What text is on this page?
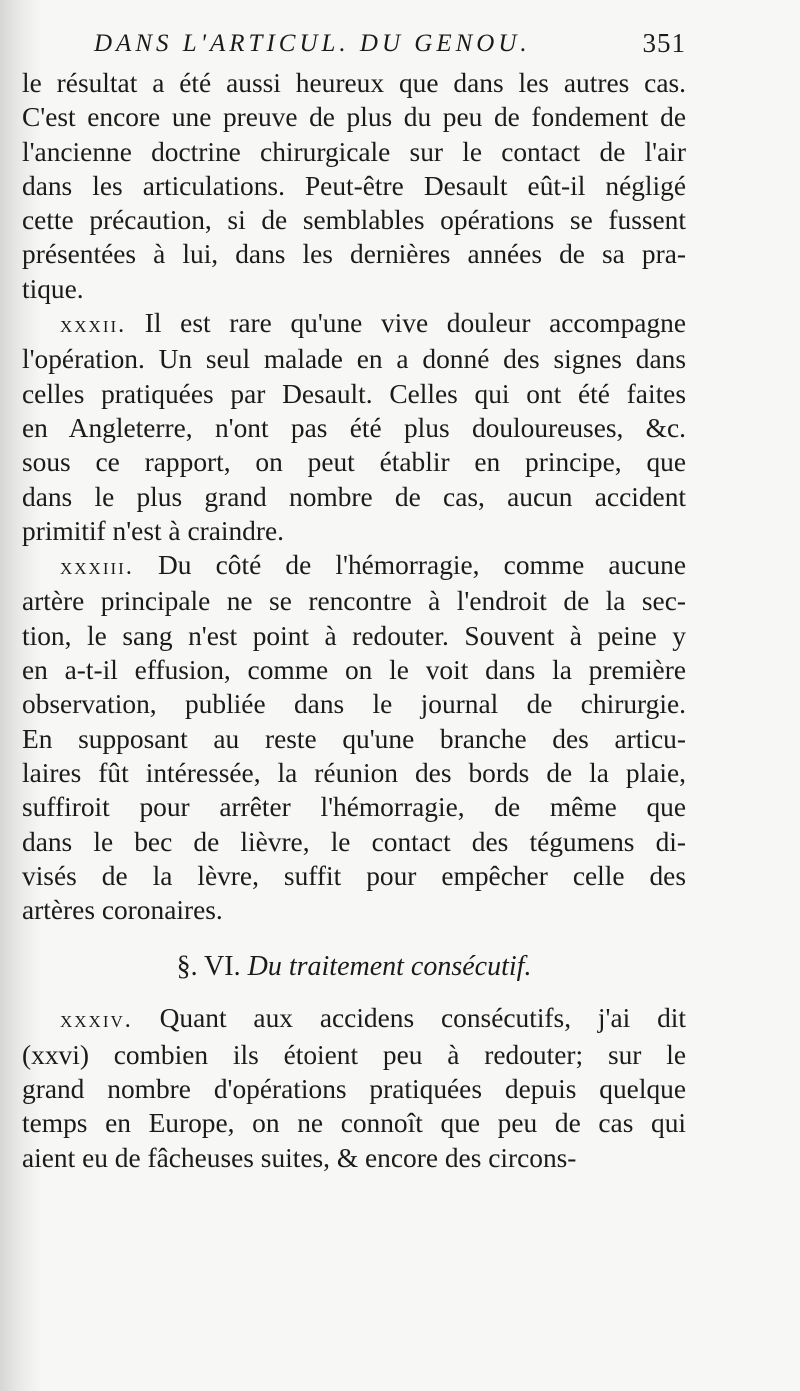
DANS L'ARTICUL. DU GENOU.	351
le résultat a été aussi heureux que dans les autres cas.
C'est encore une preuve de plus du peu de fondement de
l'ancienne doctrine chirurgicale sur le contact de l'air
dans les articulations. Peut-être Desault eût-il négligé
cette précaution, si de semblables opérations se fussent
présentées à lui, dans les dernières années de sa pra-
tique.
xxxii. Il est rare qu'une vive douleur accompagne
l'opération. Un seul malade en a donné des signes dans
celles pratiquées par Desault. Celles qui ont été faites
en Angleterre, n'ont pas été plus douloureuses, &c.
sous ce rapport, on peut établir en principe, que
dans le plus grand nombre de cas, aucun accident
primitif n'est à craindre.
xxxiii. Du côté de l'hémorragie, comme aucune
artère principale ne se rencontre à l'endroit de la sec-
tion, le sang n'est point à redouter. Souvent à peine y
en a-t-il effusion, comme on le voit dans la première
observation, publiée dans le journal de chirurgie.
En supposant au reste qu'une branche des articu-
laires fût intéressée, la réunion des bords de la plaie,
suffiroit pour arrêter l'hémorragie, de même que
dans le bec de lièvre, le contact des tégumens di-
visés de la lèvre, suffit pour empêcher celle des
artères coronaires.
§. VI. Du traitement consécutif.
xxxiv. Quant aux accidens consécutifs, j'ai dit
(xxvi) combien ils étoient peu à redouter; sur le
grand nombre d'opérations pratiquées depuis quelque
temps en Europe, on ne connoît que peu de cas qui
aient eu de fâcheuses suites, & encore des circons-
